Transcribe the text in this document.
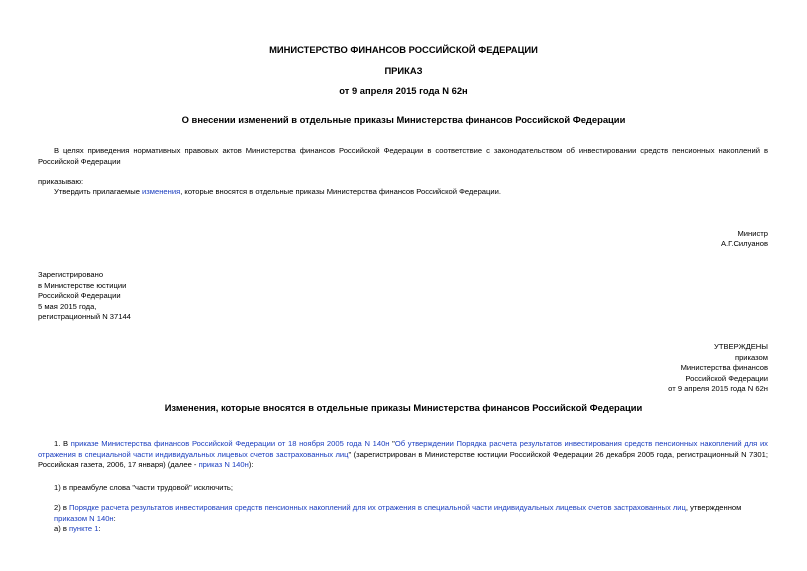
МИНИСТЕРСТВО ФИНАНСОВ РОССИЙСКОЙ ФЕДЕРАЦИИ
ПРИКАЗ
от 9 апреля 2015 года N 62н
О внесении изменений в отдельные приказы Министерства финансов Российской Федерации
В целях приведения нормативных правовых актов Министерства финансов Российской Федерации в соответствие с законодательством об инвестировании средств пенсионных накоплений в Российской Федерации
приказываю:
Утвердить прилагаемые изменения, которые вносятся в отдельные приказы Министерства финансов Российской Федерации.
Министр
А.Г.Силуанов
Зарегистрировано
в Министерстве юстиции
Российской Федерации
5 мая 2015 года,
регистрационный N 37144
УТВЕРЖДЕНЫ
приказом
Министерства финансов
Российской Федерации
от 9 апреля 2015 года N 62н
Изменения, которые вносятся в отдельные приказы Министерства финансов Российской Федерации
1. В приказе Министерства финансов Российской Федерации от 18 ноября 2005 года N 140н "Об утверждении Порядка расчета результатов инвестирования средств пенсионных накоплений для их отражения в специальной части индивидуальных лицевых счетов застрахованных лиц" (зарегистрирован в Министерстве юстиции Российской Федерации 26 декабря 2005 года, регистрационный N 7301; Российская газета, 2006, 17 января) (далее - приказ N 140н):
1) в преамбуле слова "части трудовой" исключить;
2) в Порядке расчета результатов инвестирования средств пенсионных накоплений для их отражения в специальной части индивидуальных лицевых счетов застрахованных лиц, утвержденном приказом N 140н:
а) в пункте 1:
